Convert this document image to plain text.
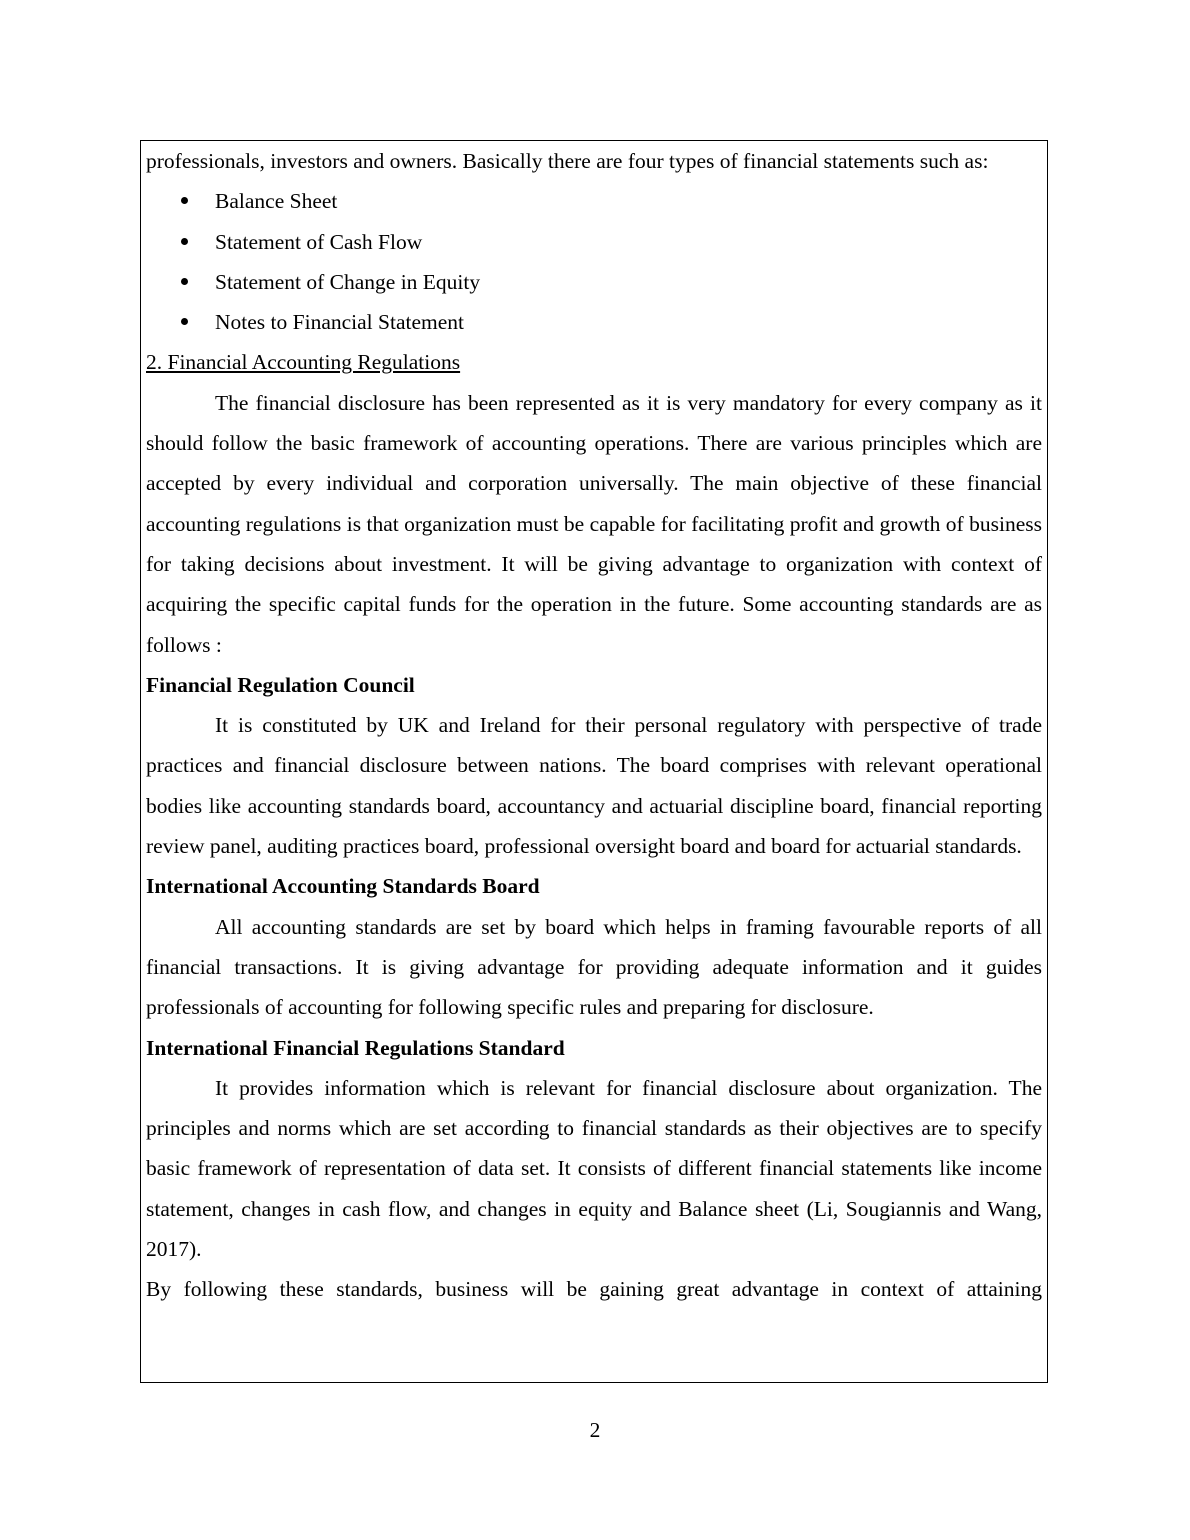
professionals, investors and owners. Basically there are four types of financial statements such as:

Balance Sheet
Statement of Cash Flow
Statement of Change in Equity
Notes to Financial Statement

2. Financial Accounting Regulations

The financial disclosure has been represented as it is very mandatory for every company as it should follow the basic framework of accounting operations. There are various principles which are accepted by every individual and corporation universally. The main objective of these financial accounting regulations is that organization must be capable for facilitating profit and growth of business for taking decisions about investment. It will be giving advantage to organization with context of acquiring the specific capital funds for the operation in the future. Some accounting standards are as follows :

Financial Regulation Council

It is constituted by UK and Ireland for their personal regulatory with perspective of trade practices and financial disclosure between nations. The board comprises with relevant operational bodies like accounting standards board, accountancy and actuarial discipline board, financial reporting review panel, auditing practices board, professional oversight board and board for actuarial standards.

International Accounting Standards Board

All accounting standards are set by board which helps in framing favourable reports of all financial transactions. It is giving advantage for providing adequate information and it guides professionals of accounting for following specific rules and preparing for disclosure.

International Financial Regulations Standard

It provides information which is relevant for financial disclosure about organization. The principles and norms which are set according to financial standards as their objectives are to specify basic framework of representation of data set. It consists of different financial statements like income statement, changes in cash flow, and changes in equity and Balance sheet (Li, Sougiannis and Wang, 2017).

By following these standards, business will be gaining great advantage in context of attaining

2
